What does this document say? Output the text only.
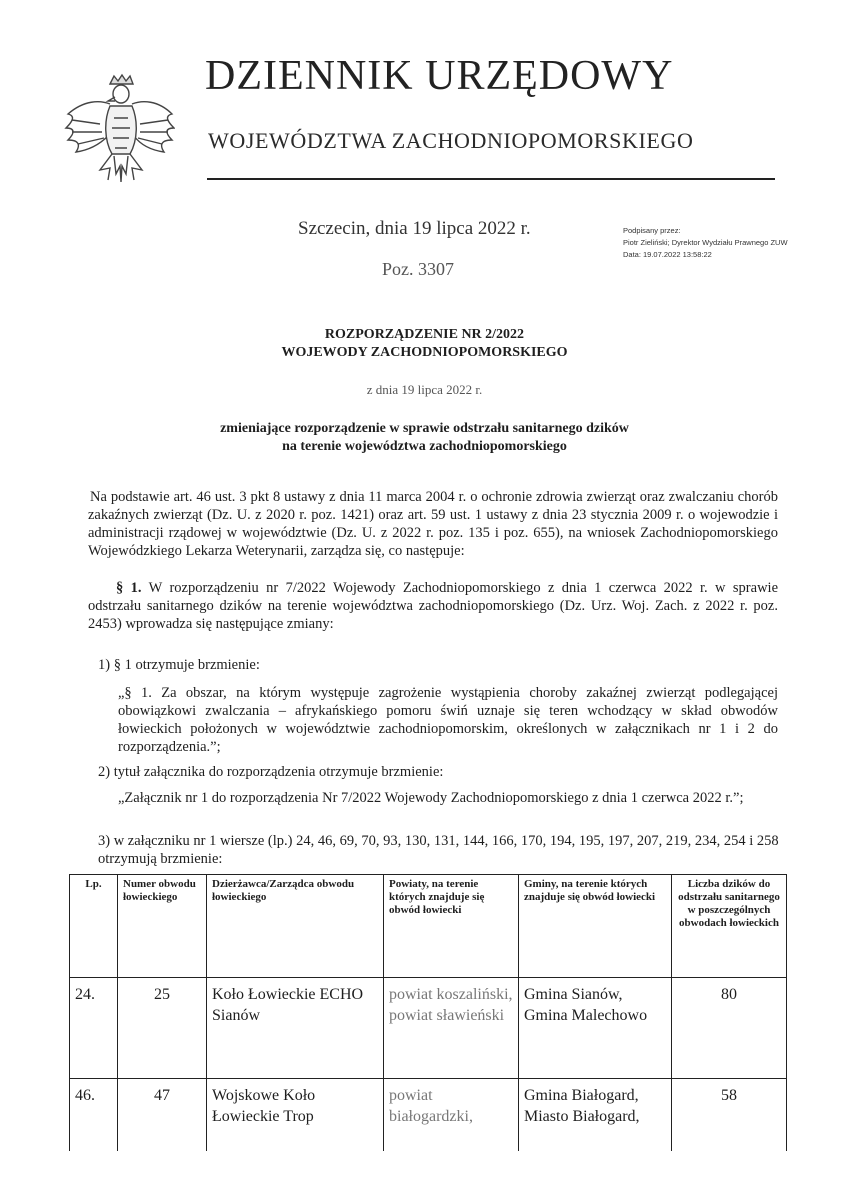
DZIENNIK URZĘDOWY
WOJEWÓDZTWA ZACHODNIOPOMORSKIEGO
Szczecin, dnia 19 lipca 2022 r.
Poz. 3307
Podpisany przez:
Piotr Zieliński; Dyrektor Wydziału Prawnego ZUW
Data: 19.07.2022 13:58:22
ROZPORZĄDZENIE NR 2/2022
WOJEWODY ZACHODNIOPOMORSKIEGO
z dnia 19 lipca 2022 r.
zmieniające rozporządzenie w sprawie odstrzału sanitarnego dzików
na terenie województwa zachodniopomorskiego
Na podstawie art. 46 ust. 3 pkt 8 ustawy z dnia 11 marca 2004 r. o ochronie zdrowia zwierząt oraz zwalczaniu chorób zakaźnych zwierząt (Dz. U. z 2020 r. poz. 1421) oraz art. 59 ust. 1 ustawy z dnia 23 stycznia 2009 r. o wojewodzie i administracji rządowej w województwie (Dz. U. z 2022 r. poz. 135 i poz. 655), na wniosek Zachodniopomorskiego Wojewódzkiego Lekarza Weterynarii, zarządza się, co następuje:
§ 1. W rozporządzeniu nr 7/2022 Wojewody Zachodniopomorskiego z dnia 1 czerwca 2022 r. w sprawie odstrzału sanitarnego dzików na terenie województwa zachodniopomorskiego (Dz. Urz. Woj. Zach. z 2022 r. poz. 2453) wprowadza się następujące zmiany:
1) § 1 otrzymuje brzmienie:
„§ 1. Za obszar, na którym występuje zagrożenie wystąpienia choroby zakaźnej zwierząt podlegającej obowiązkowi zwalczania – afrykańskiego pomoru świń uznaje się teren wchodzący w skład obwodów łowieckich położonych w województwie zachodniopomorskim, określonych w załącznikach nr 1 i 2 do rozporządzenia.”;
2) tytuł załącznika do rozporządzenia otrzymuje brzmienie:
„Załącznik nr 1 do rozporządzenia Nr 7/2022 Wojewody Zachodniopomorskiego z dnia 1 czerwca 2022 r.”;
3) w załączniku nr 1 wiersze (lp.) 24, 46, 69, 70, 93, 130, 131, 144, 166, 170, 194, 195, 197, 207, 219, 234, 254 i 258 otrzymują brzmienie:
Lp.	Numer obwodu łowieckiego	Dzierżawca/Zarządca obwodu łowieckiego	Powiaty, na terenie których znajduje się obwód łowiecki	Gminy, na terenie których znajduje się obwód łowiecki	Liczba dzików do odstrzału sanitarnego w poszczególnych obwodach łowieckich
24.	25	Koło Łowieckie ECHO Sianów	powiat koszaliński, powiat sławieński	Gmina Sianów, Gmina Malechowo	80
46.	47	Wojskowe Koło Łowieckie Trop	powiat białogardzki,	Gmina Białogard, Miasto Białogard,	58
